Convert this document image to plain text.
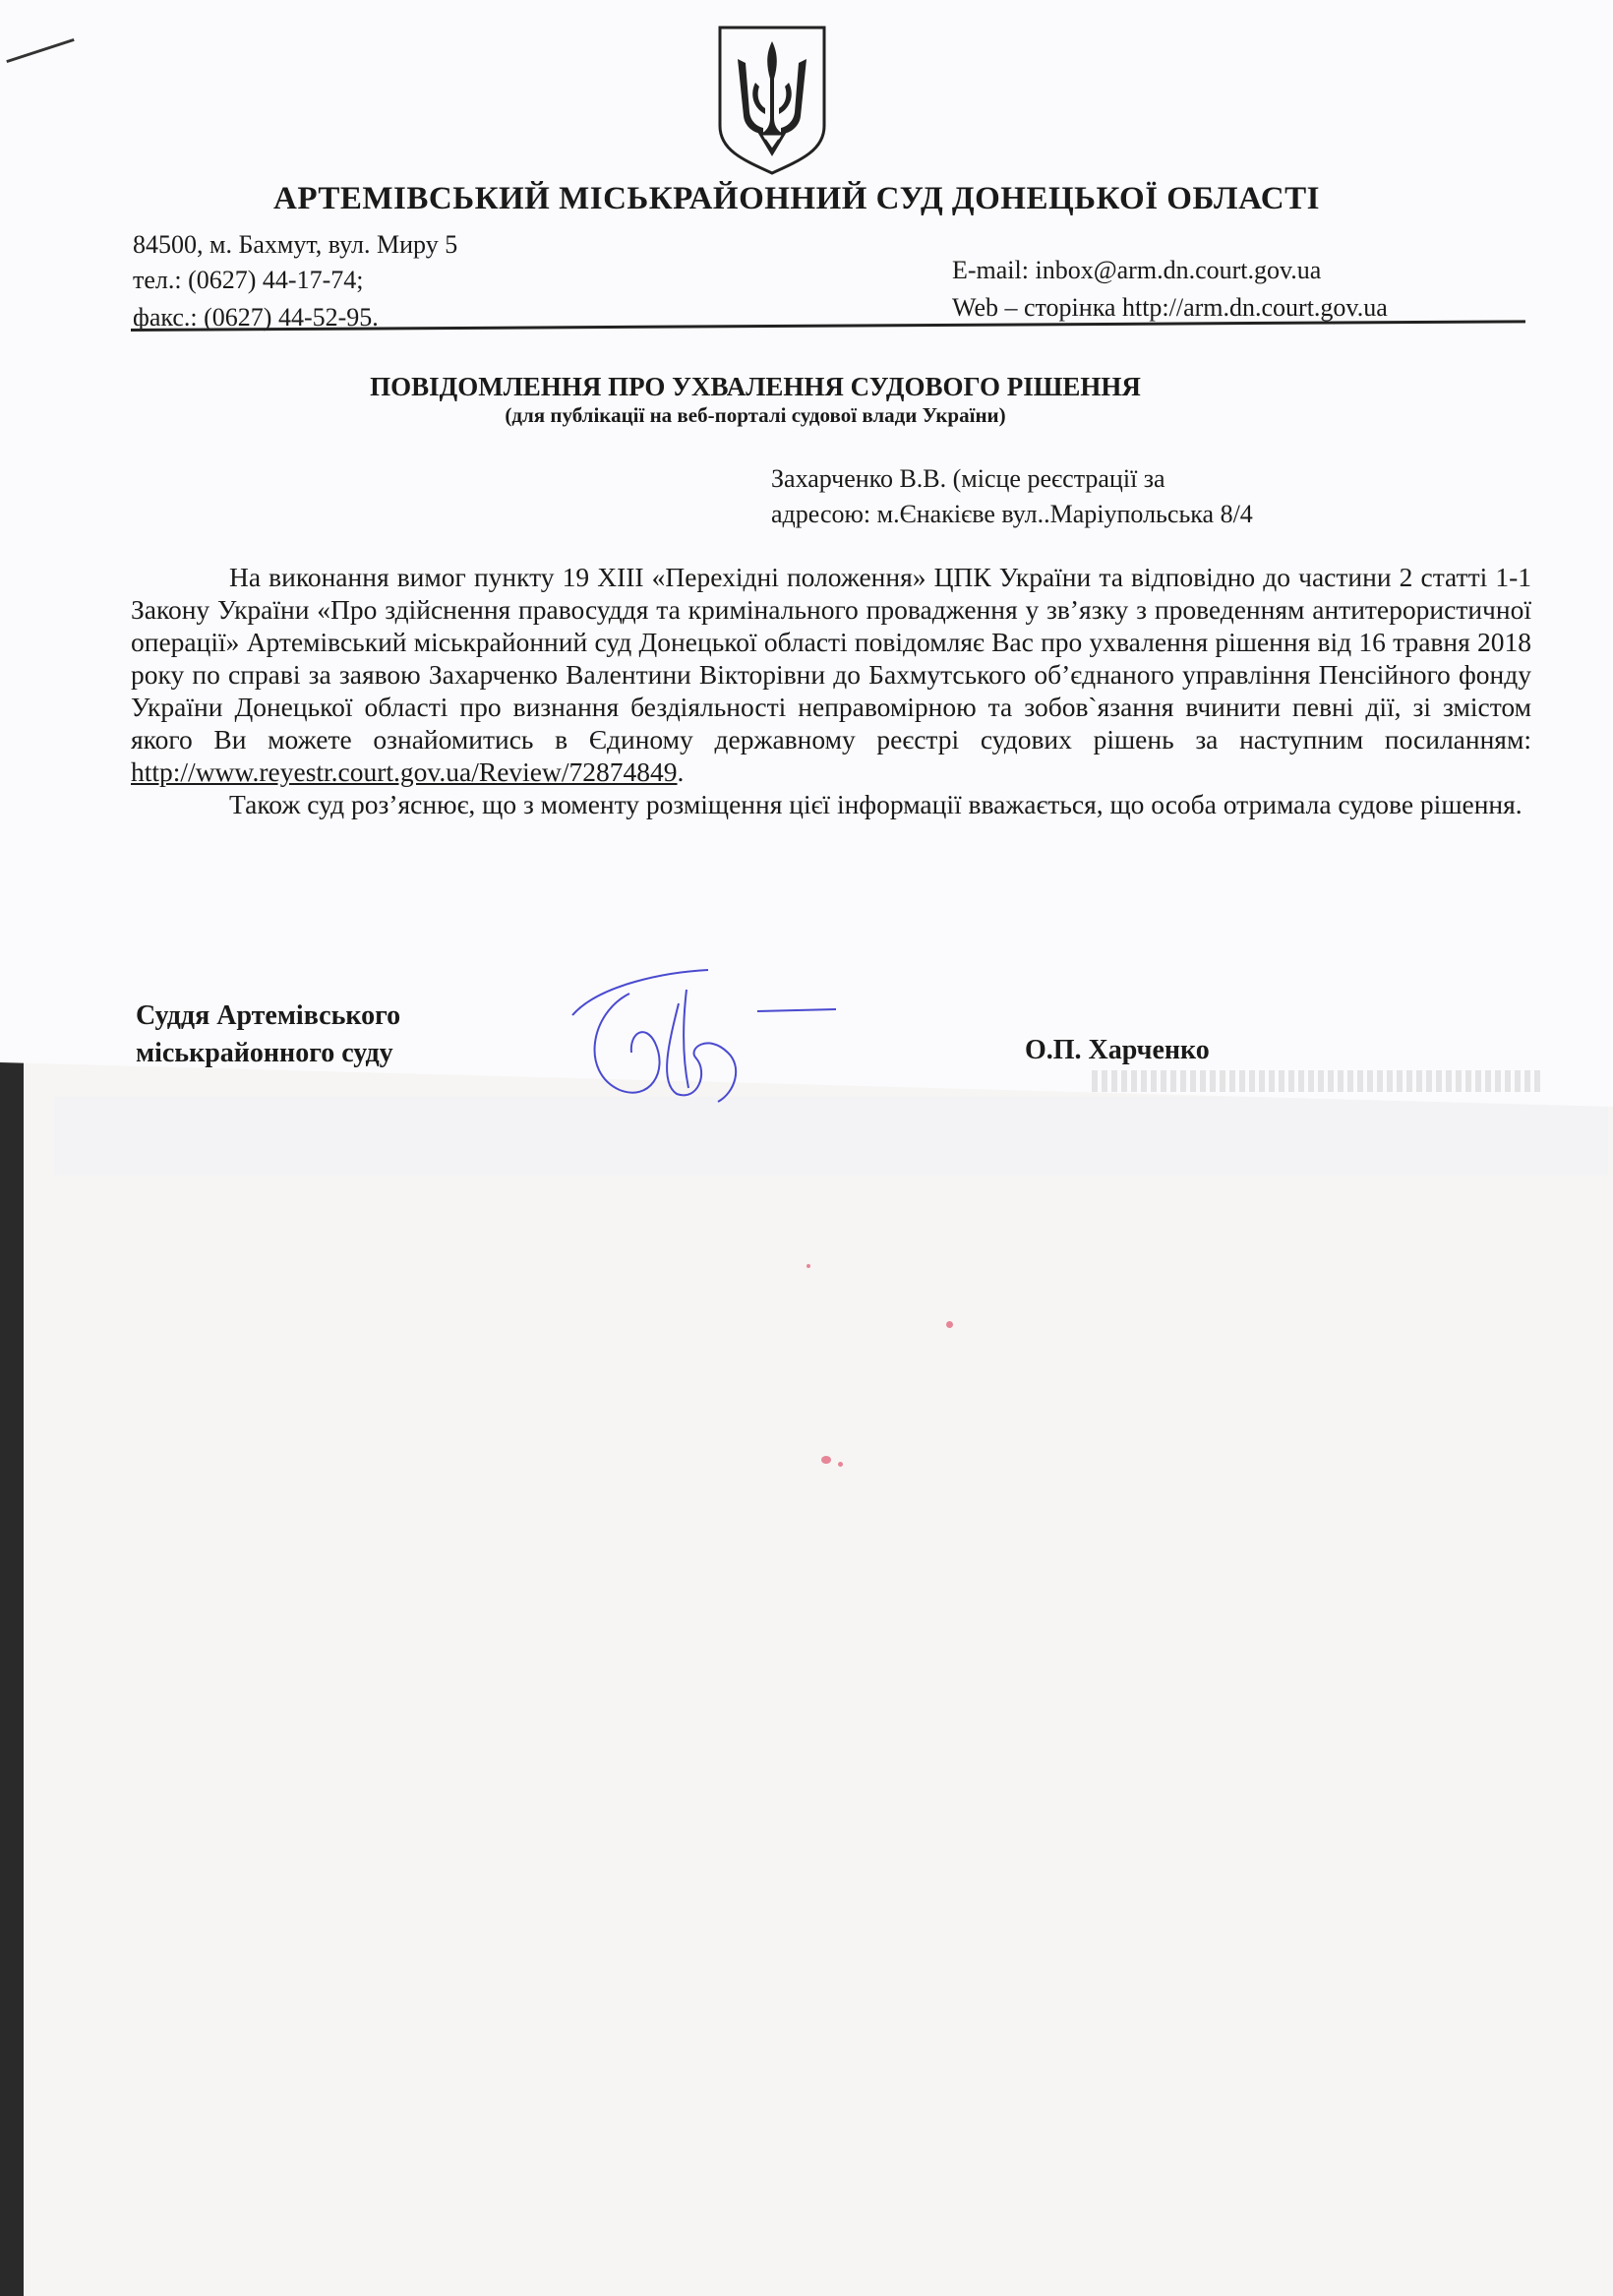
АРТЕМІВСЬКИЙ МІСЬКРАЙОННИЙ СУД ДОНЕЦЬКОЇ ОБЛАСТІ
84500, м. Бахмут, вул. Миру 5
тел.: (0627) 44-17-74;
факс.: (0627) 44-52-95.
E-mail: inbox@arm.dn.court.gov.ua
Web – сторінка http://arm.dn.court.gov.ua
ПОВІДОМЛЕННЯ ПРО УХВАЛЕННЯ СУДОВОГО РІШЕННЯ
(для публікації на веб-порталі судової влади України)
Захарченко В.В. (місце реєстрації за
адресою: м.Єнакієве вул..Маріупольська 8/4

На виконання вимог пункту 19 XIII «Перехідні положення» ЦПК України та відповідно до частини 2 статті 1-1 Закону України «Про здійснення правосуддя та кримінального провадження у зв’язку з проведенням антитерористичної операції» Артемівський міськрайонний суд Донецької області повідомляє Вас про ухвалення рішення від 16 травня 2018 року по справі за заявою Захарченко Валентини Вікторівни до Бахмутського об’єднаного управління Пенсійного фонду України Донецької області про визнання бездіяльності неправомірною та зобов`язання вчинити певні дії, зі змістом якого Ви можете ознайомитись в Єдиному державному реєстрі судових рішень за наступним посиланням: http://www.reyestr.court.gov.ua/Review/72874849.

Також суд роз’яснює, що з моменту розміщення цієї інформації вважається, що особа отримала судове рішення.

Суддя Артемівського
міськрайонного суду	О.П. Харченко
